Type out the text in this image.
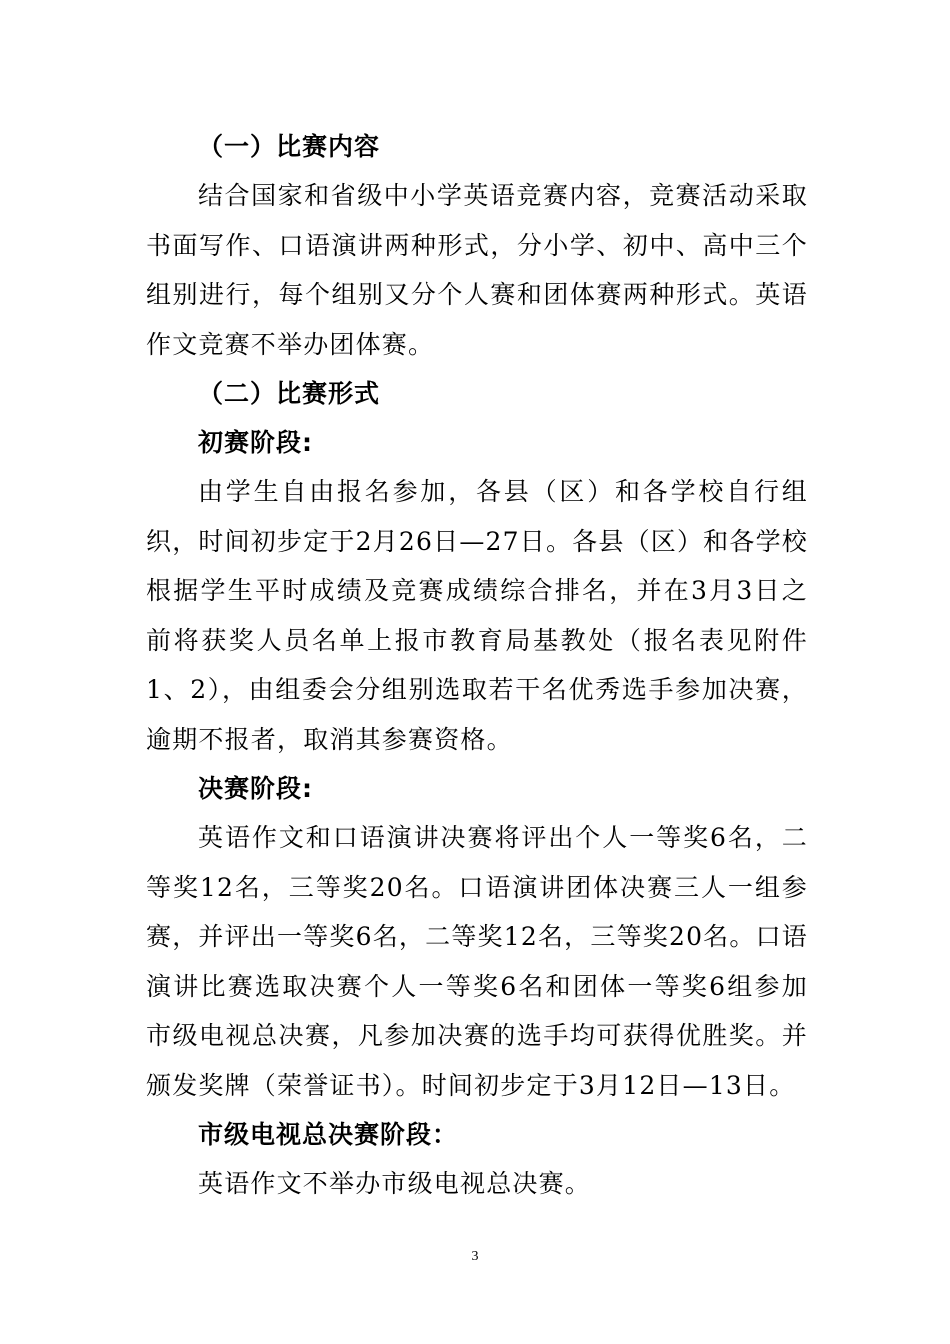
（一）比赛内容

结合国家和省级中小学英语竞赛内容，竞赛活动采取书面写作、口语演讲两种形式，分小学、初中、高中三个组别进行，每个组别又分个人赛和团体赛两种形式。英语作文竞赛不举办团体赛。

（二）比赛形式

初赛阶段:

由学生自由报名参加，各县（区）和各学校自行组织，时间初步定于2月26日—27日。各县（区）和各学校根据学生平时成绩及竞赛成绩综合排名，并在3月3日之前将获奖人员名单上报市教育局基教处（报名表见附件1、2），由组委会分组别选取若干名优秀选手参加决赛，逾期不报者，取消其参赛资格。

决赛阶段:

英语作文和口语演讲决赛将评出个人一等奖6名，二等奖12名，三等奖20名。口语演讲团体决赛三人一组参赛，并评出一等奖6名，二等奖12名，三等奖20名。口语演讲比赛选取决赛个人一等奖6名和团体一等奖6组参加市级电视总决赛，凡参加决赛的选手均可获得优胜奖。并颁发奖牌（荣誉证书）。时间初步定于3月12日—13日。

市级电视总决赛阶段：

英语作文不举办市级电视总决赛。

3
